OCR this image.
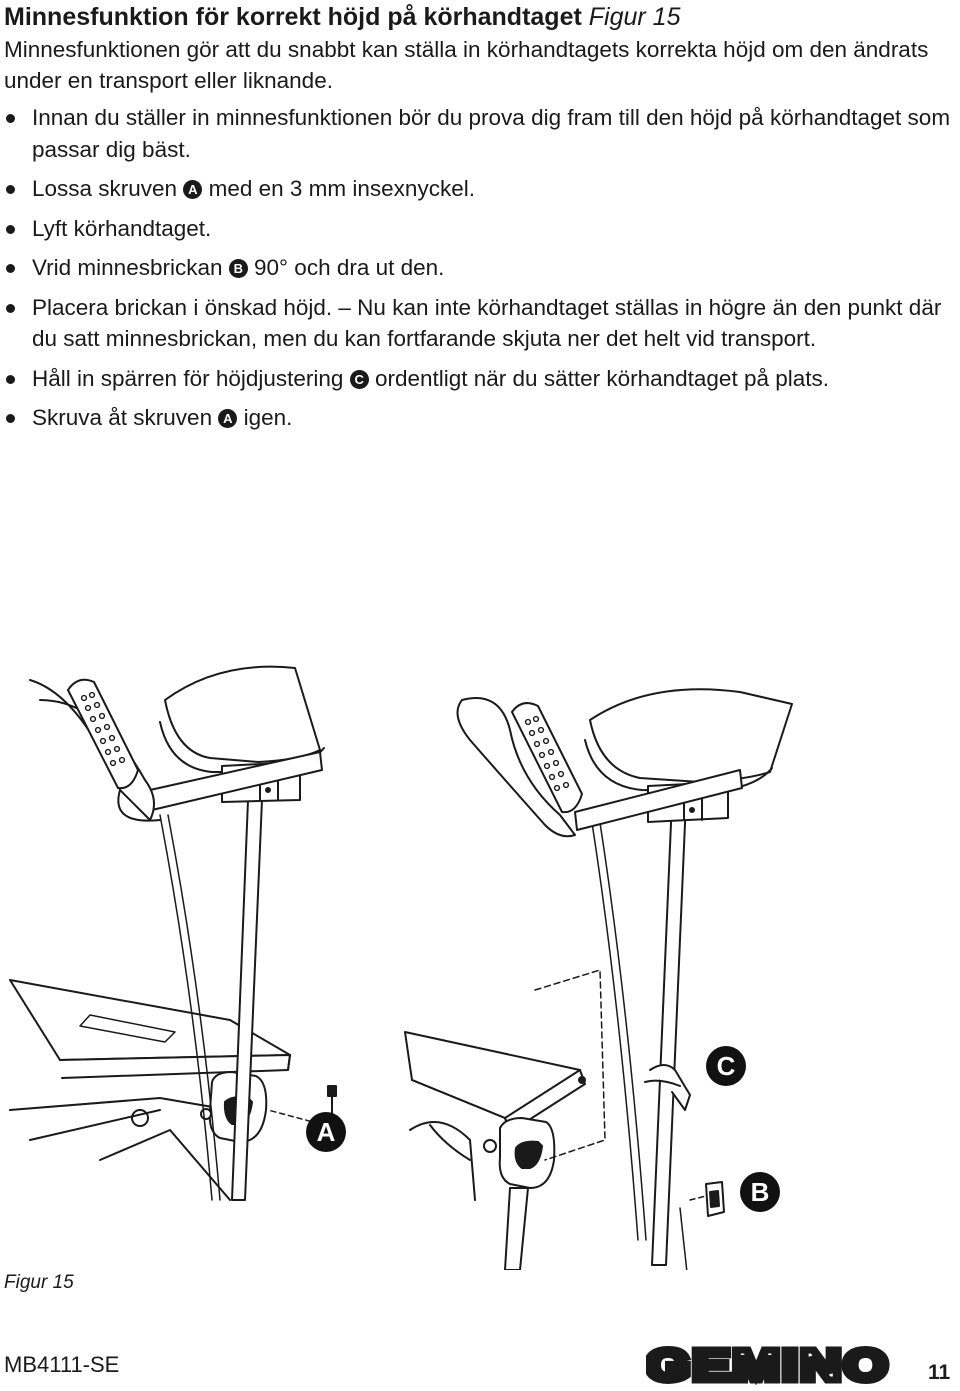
Minnesfunktion för korrekt höjd på körhandtaget Figur 15
Minnesfunktionen gör att du snabbt kan ställa in körhandtagets korrekta höjd om den ändrats under en transport eller liknande.
Innan du ställer in minnesfunktionen bör du prova dig fram till den höjd på körhandtaget som passar dig bäst.
Lossa skruven A med en 3 mm insexnyckel.
Lyft körhandtaget.
Vrid minnesbrickan B 90° och dra ut den.
Placera brickan i önskad höjd. – Nu kan inte körhandtaget ställas in högre än den punkt där du satt minnesbrickan, men du kan fortfarande skjuta ner det helt vid transport.
Håll in spärren för höjdjustering C ordentligt när du sätter körhandtaget på plats.
Skruva åt skruven A igen.
A
C
B
Figur 15
MB4111-SE	GEMINO 11
